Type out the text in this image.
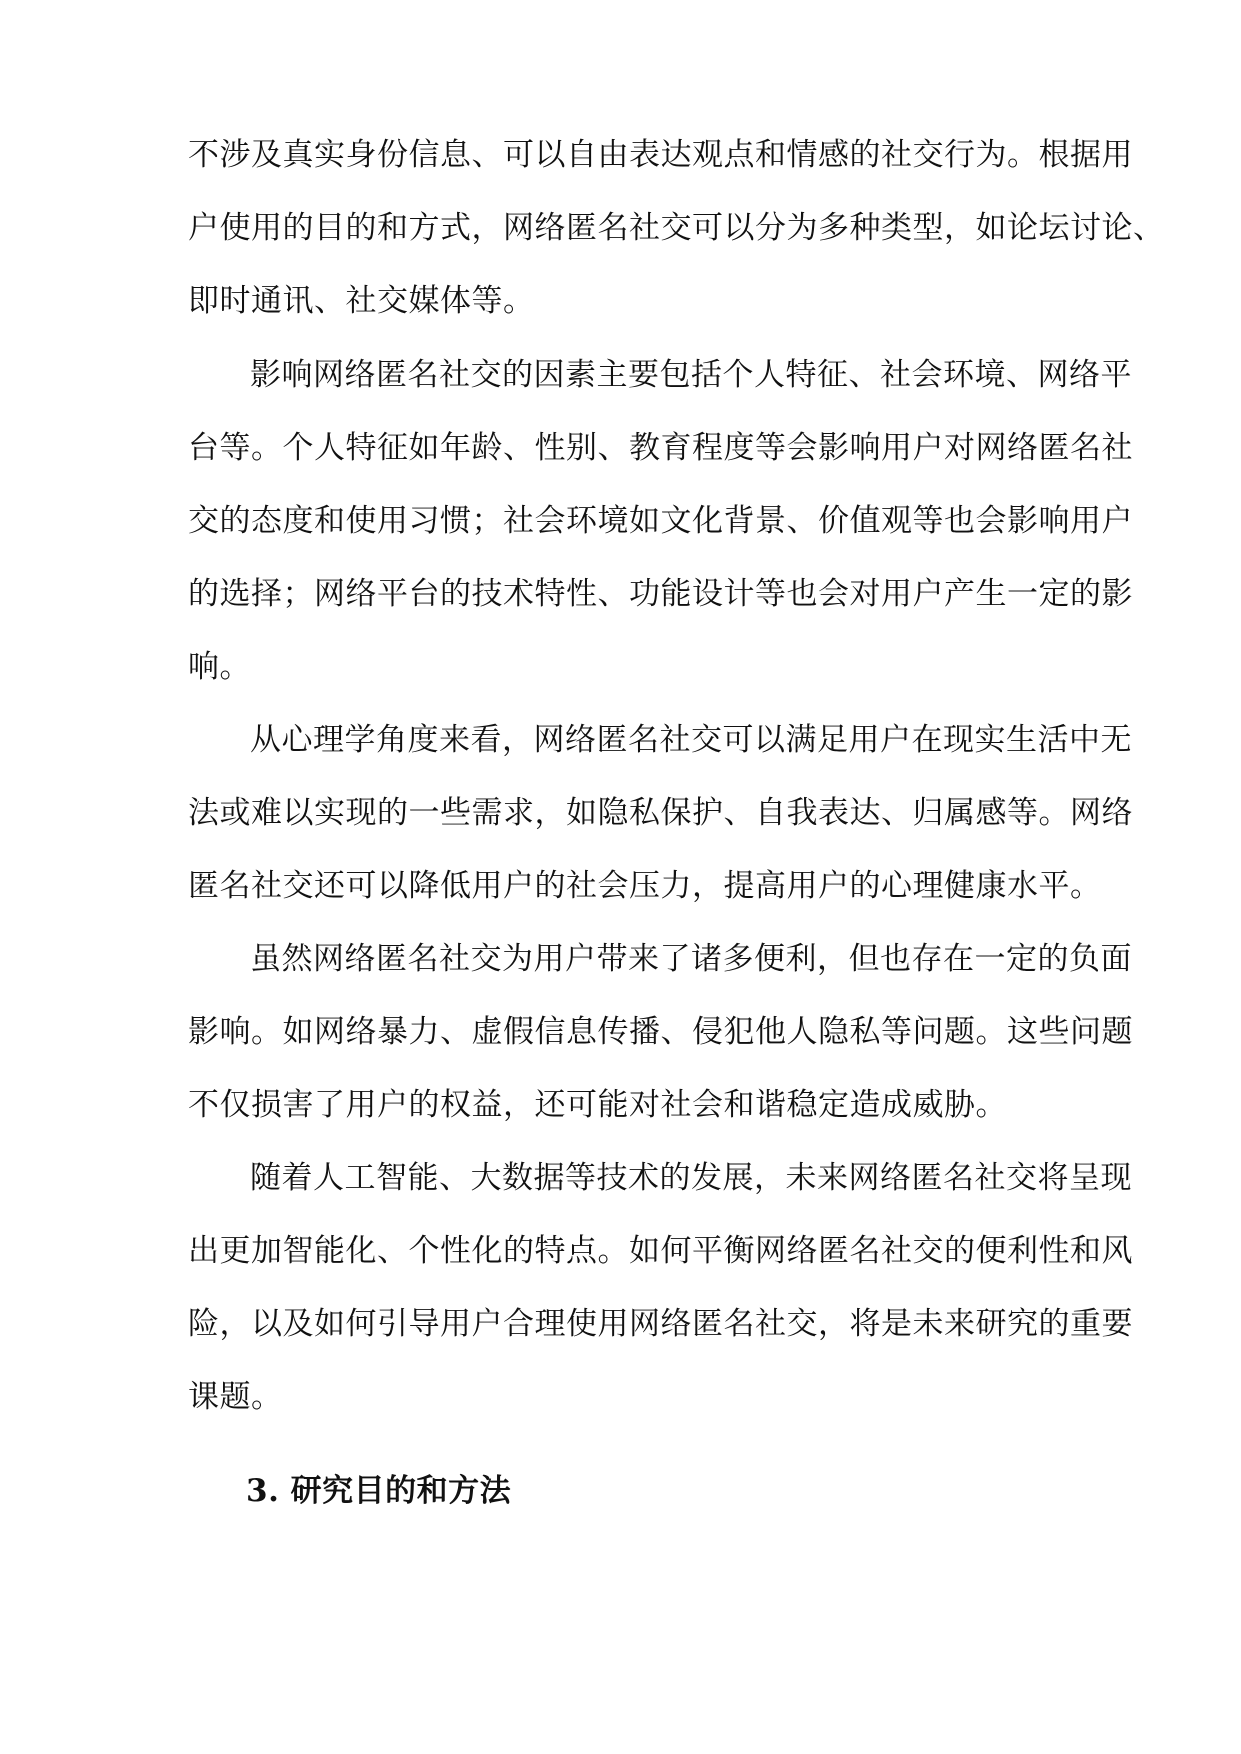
不涉及真实身份信息、可以自由表达观点和情感的社交行为。根据用
户使用的目的和方式，网络匿名社交可以分为多种类型，如论坛讨论、
即时通讯、社交媒体等。
影响网络匿名社交的因素主要包括个人特征、社会环境、网络平
台等。个人特征如年龄、性别、教育程度等会影响用户对网络匿名社
交的态度和使用习惯；社会环境如文化背景、价值观等也会影响用户
的选择；网络平台的技术特性、功能设计等也会对用户产生一定的影
响。
从心理学角度来看，网络匿名社交可以满足用户在现实生活中无
法或难以实现的一些需求，如隐私保护、自我表达、归属感等。网络
匿名社交还可以降低用户的社会压力，提高用户的心理健康水平。
虽然网络匿名社交为用户带来了诸多便利，但也存在一定的负面
影响。如网络暴力、虚假信息传播、侵犯他人隐私等问题。这些问题
不仅损害了用户的权益，还可能对社会和谐稳定造成威胁。
随着人工智能、大数据等技术的发展，未来网络匿名社交将呈现
出更加智能化、个性化的特点。如何平衡网络匿名社交的便利性和风
险，以及如何引导用户合理使用网络匿名社交，将是未来研究的重要
课题。
3. 研究目的和方法
